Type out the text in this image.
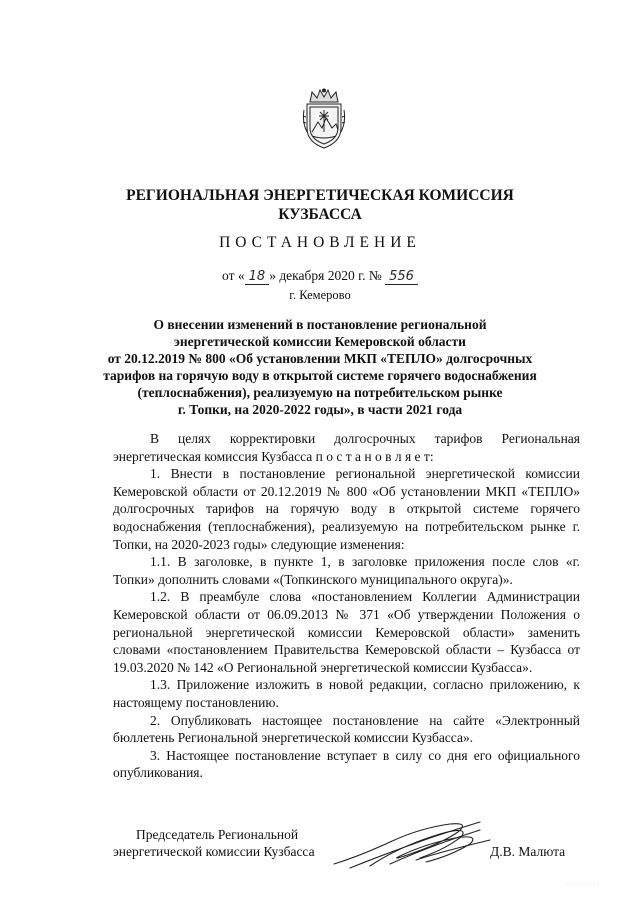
РЕГИОНАЛЬНАЯ ЭНЕРГЕТИЧЕСКАЯ КОМИССИЯ
КУЗБАССА
ПОСТАНОВЛЕНИЕ
от « 18 » декабря 2020 г. № 556
г. Кемерово
О внесении изменений в постановление региональной
энергетической комиссии Кемеровской области
от 20.12.2019 № 800 «Об установлении МКП «ТЕПЛО» долгосрочных
тарифов на горячую воду в открытой системе горячего водоснабжения
(теплоснабжения), реализуемую на потребительском рынке
г. Топки, на 2020-2022 годы», в части 2021 года

В целях корректировки долгосрочных тарифов Региональная энергетическая комиссия Кузбасса п о с т а н о в л я е т:

1. Внести в постановление региональной энергетической комиссии Кемеровской области от 20.12.2019 № 800 «Об установлении МКП «ТЕПЛО» долгосрочных тарифов на горячую воду в открытой системе горячего водоснабжения (теплоснабжения), реализуемую на потребительском рынке г. Топки, на 2020-2023 годы» следующие изменения:

1.1. В заголовке, в пункте 1, в заголовке приложения после слов «г. Топки» дополнить словами «(Топкинского муниципального округа)».

1.2. В преамбуле слова «постановлением Коллегии Администрации Кемеровской области от 06.09.2013 № 371 «Об утверждении Положения о региональной энергетической комиссии Кемеровской области» заменить словами «постановлением Правительства Кемеровской области – Кузбасса от 19.03.2020 № 142 «О Региональной энергетической комиссии Кузбасса».

1.3. Приложение изложить в новой редакции, согласно приложению, к настоящему постановлению.

2. Опубликовать настоящее постановление на сайте «Электронный бюллетень Региональной энергетической комиссии Кузбасса».

3. Настоящее постановление вступает в силу со дня его официального опубликования.

Председатель Региональной
энергетической комиссии Кузбасса	Д.В. Малюта
· · · · · · · · ·
